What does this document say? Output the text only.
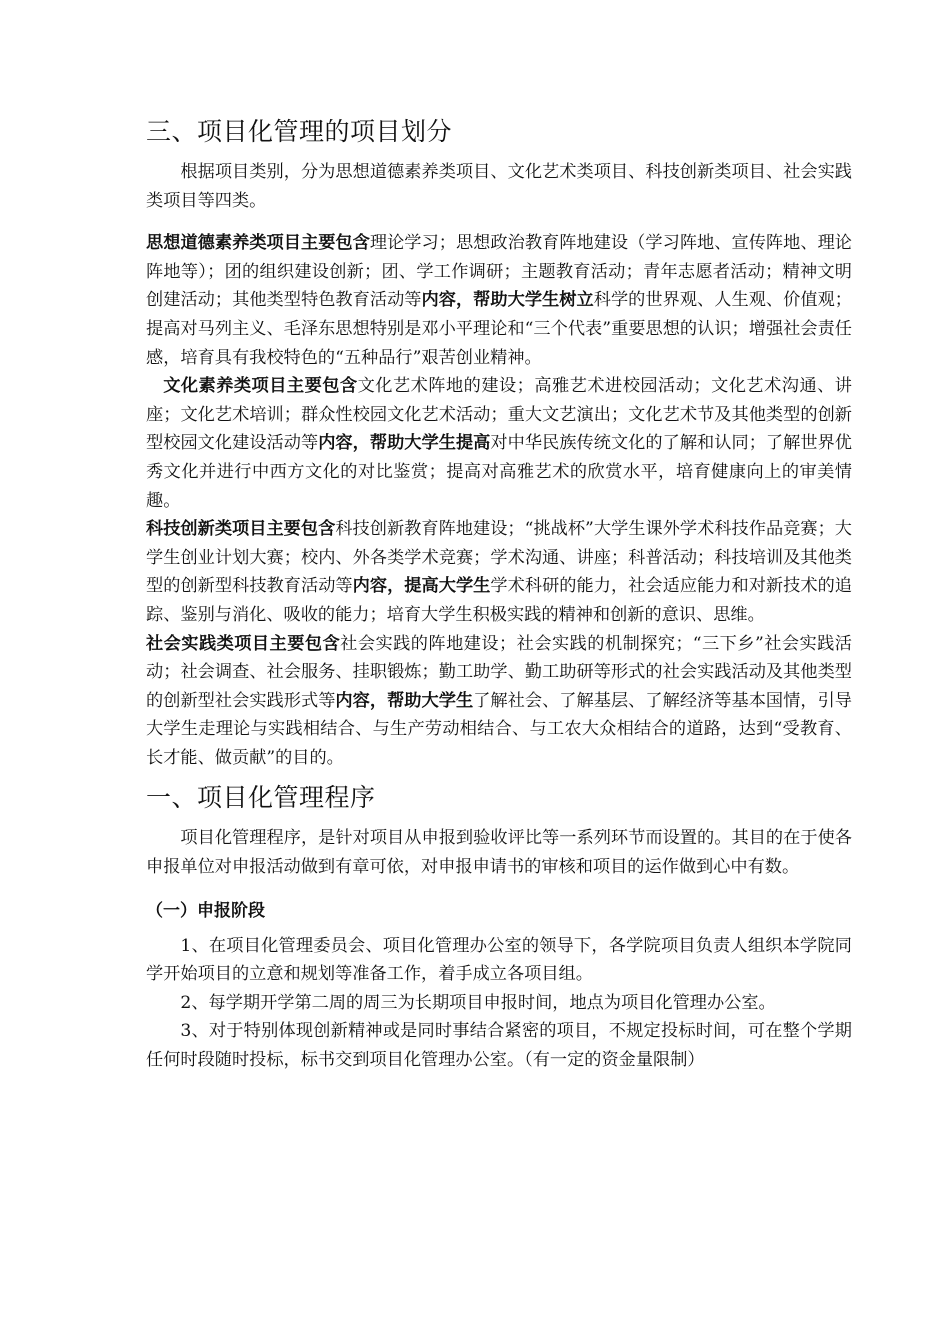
三、项目化管理的项目划分

根据项目类别，分为思想道德素养类项目、文化艺术类项目、科技创新类项目、社会实践类项目等四类。

思想道德素养类项目主要包含理论学习；思想政治教育阵地建设（学习阵地、宣传阵地、理论阵地等）；团的组织建设创新；团、学工作调研；主题教育活动；青年志愿者活动；精神文明创建活动；其他类型特色教育活动等内容，帮助大学生树立科学的世界观、人生观、价值观；提高对马列主义、毛泽东思想特别是邓小平理论和“三个代表”重要思想的认识；增强社会责任感，培育具有我校特色的“五种品行”艰苦创业精神。

文化素养类项目主要包含文化艺术阵地的建设；高雅艺术进校园活动；文化艺术沟通、讲座；文化艺术培训；群众性校园文化艺术活动；重大文艺演出；文化艺术节及其他类型的创新型校园文化建设活动等内容，帮助大学生提高对中华民族传统文化的了解和认同；了解世界优秀文化并进行中西方文化的对比鉴赏；提高对高雅艺术的欣赏水平，培育健康向上的审美情趣。

科技创新类项目主要包含科技创新教育阵地建设；“挑战杯”大学生课外学术科技作品竞赛；大学生创业计划大赛；校内、外各类学术竞赛；学术沟通、讲座；科普活动；科技培训及其他类型的创新型科技教育活动等内容，提高大学生学术科研的能力，社会适应能力和对新技术的追踪、鉴别与消化、吸收的能力；培育大学生积极实践的精神和创新的意识、思维。

社会实践类项目主要包含社会实践的阵地建设；社会实践的机制探究；“三下乡”社会实践活动；社会调查、社会服务、挂职锻炼；勤工助学、勤工助研等形式的社会实践活动及其他类型的创新型社会实践形式等内容，帮助大学生了解社会、了解基层、了解经济等基本国情，引导大学生走理论与实践相结合、与生产劳动相结合、与工农大众相结合的道路，达到“受教育、长才能、做贡献”的目的。

一、项目化管理程序

项目化管理程序，是针对项目从申报到验收评比等一系列环节而设置的。其目的在于使各申报单位对申报活动做到有章可依，对申报申请书的审核和项目的运作做到心中有数。

（一）申报阶段

1、在项目化管理委员会、项目化管理办公室的领导下，各学院项目负责人组织本学院同学开始项目的立意和规划等准备工作，着手成立各项目组。

2、每学期开学第二周的周三为长期项目申报时间，地点为项目化管理办公室。

3、对于特别体现创新精神或是同时事结合紧密的项目，不规定投标时间，可在整个学期任何时段随时投标，标书交到项目化管理办公室。（有一定的资金量限制）
